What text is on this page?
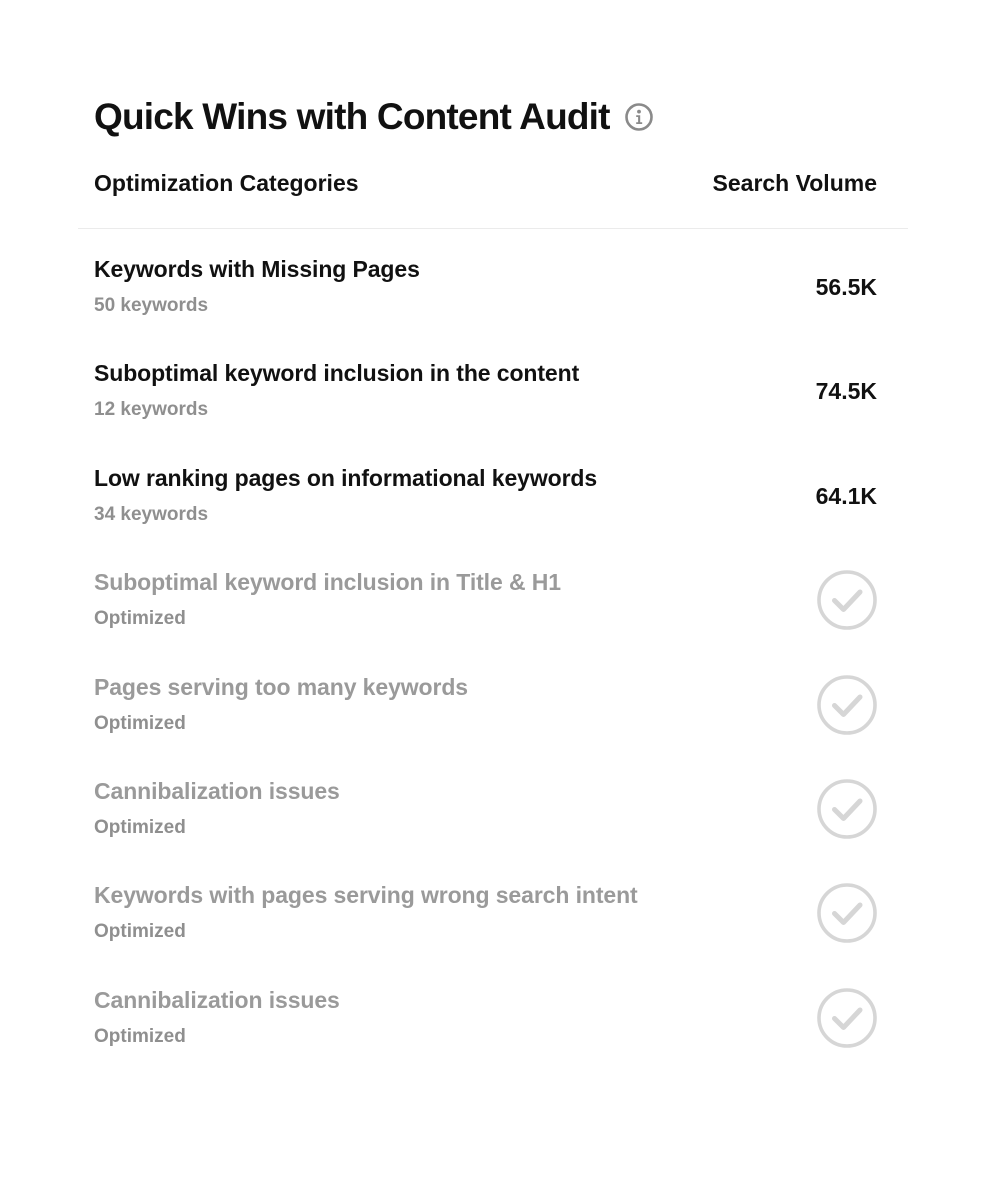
Quick Wins with Content Audit
Optimization Categories	Search Volume
Keywords with Missing Pages
50 keywords
56.5K
Suboptimal keyword inclusion in the content
12 keywords
74.5K
Low ranking pages on informational keywords
34 keywords
64.1K
Suboptimal keyword inclusion in Title & H1
Optimized
Pages serving too many keywords
Optimized
Cannibalization issues
Optimized
Keywords with pages serving wrong search intent
Optimized
Cannibalization issues
Optimized
